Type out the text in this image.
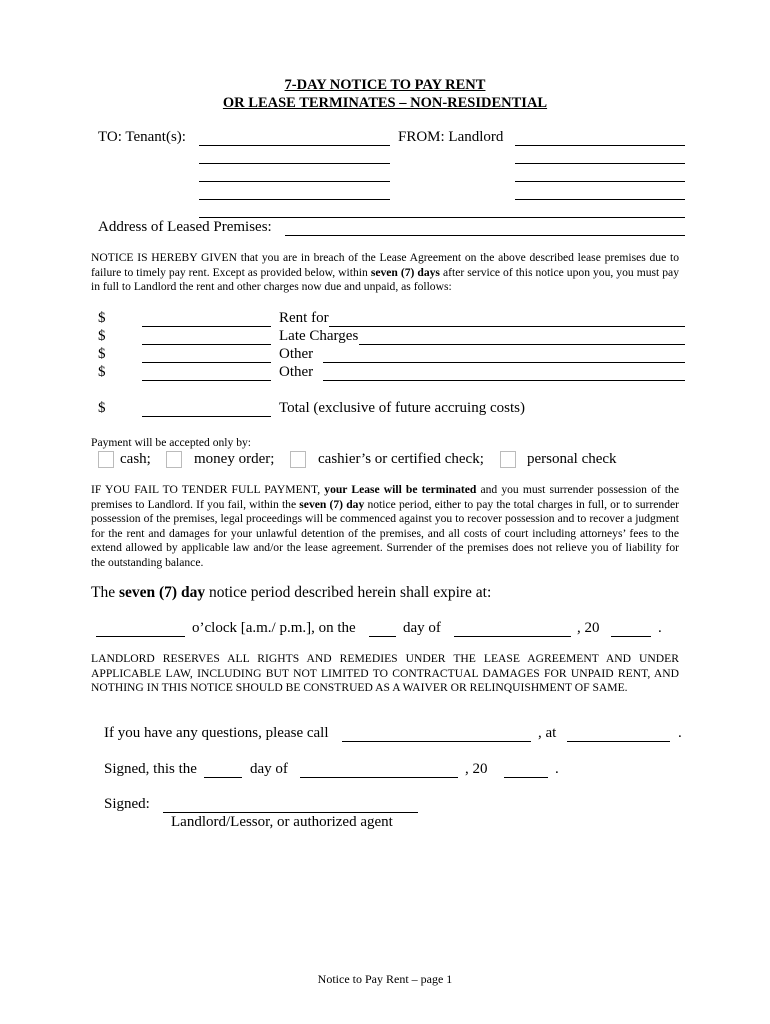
7-DAY NOTICE TO PAY RENT
OR LEASE TERMINATES – NON-RESIDENTIAL
TO: Tenant(s):	FROM: Landlord
Address of Leased Premises:
NOTICE IS HEREBY GIVEN that you are in breach of the Lease Agreement on the above described lease premises due to failure to timely pay rent. Except as provided below, within seven (7) days after service of this notice upon you, you must pay in full to Landlord the rent and other charges now due and unpaid, as follows:
$	Rent for
$	Late Charges
$	Other
$	Other
$	Total (exclusive of future accruing costs)
Payment will be accepted only by:
cash;	money order;	cashier’s or certified check;	personal check
IF YOU FAIL TO TENDER FULL PAYMENT, your Lease will be terminated and you must surrender possession of the premises to Landlord. If you fail, within the seven (7) day notice period, either to pay the total charges in full, or to surrender possession of the premises, legal proceedings will be commenced against you to recover possession and to recover a judgment for the rent and damages for your unlawful detention of the premises, and all costs of court including attorneys’ fees to the extend allowed by applicable law and/or the lease agreement. Surrender of the premises does not relieve you of liability for the outstanding balance.
The seven (7) day notice period described herein shall expire at:
o’clock [a.m./ p.m.], on the	day of	, 20	.
LANDLORD RESERVES ALL RIGHTS AND REMEDIES UNDER THE LEASE AGREEMENT AND UNDER APPLICABLE LAW, INCLUDING BUT NOT LIMITED TO CONTRACTUAL DAMAGES FOR UNPAID RENT, AND NOTHING IN THIS NOTICE SHOULD BE CONSTRUED AS A WAIVER OR RELINQUISHMENT OF SAME.
If you have any questions, please call	, at	.
Signed, this the	day of	, 20	.
Signed:
Landlord/Lessor, or authorized agent
Notice to Pay Rent – page 1
